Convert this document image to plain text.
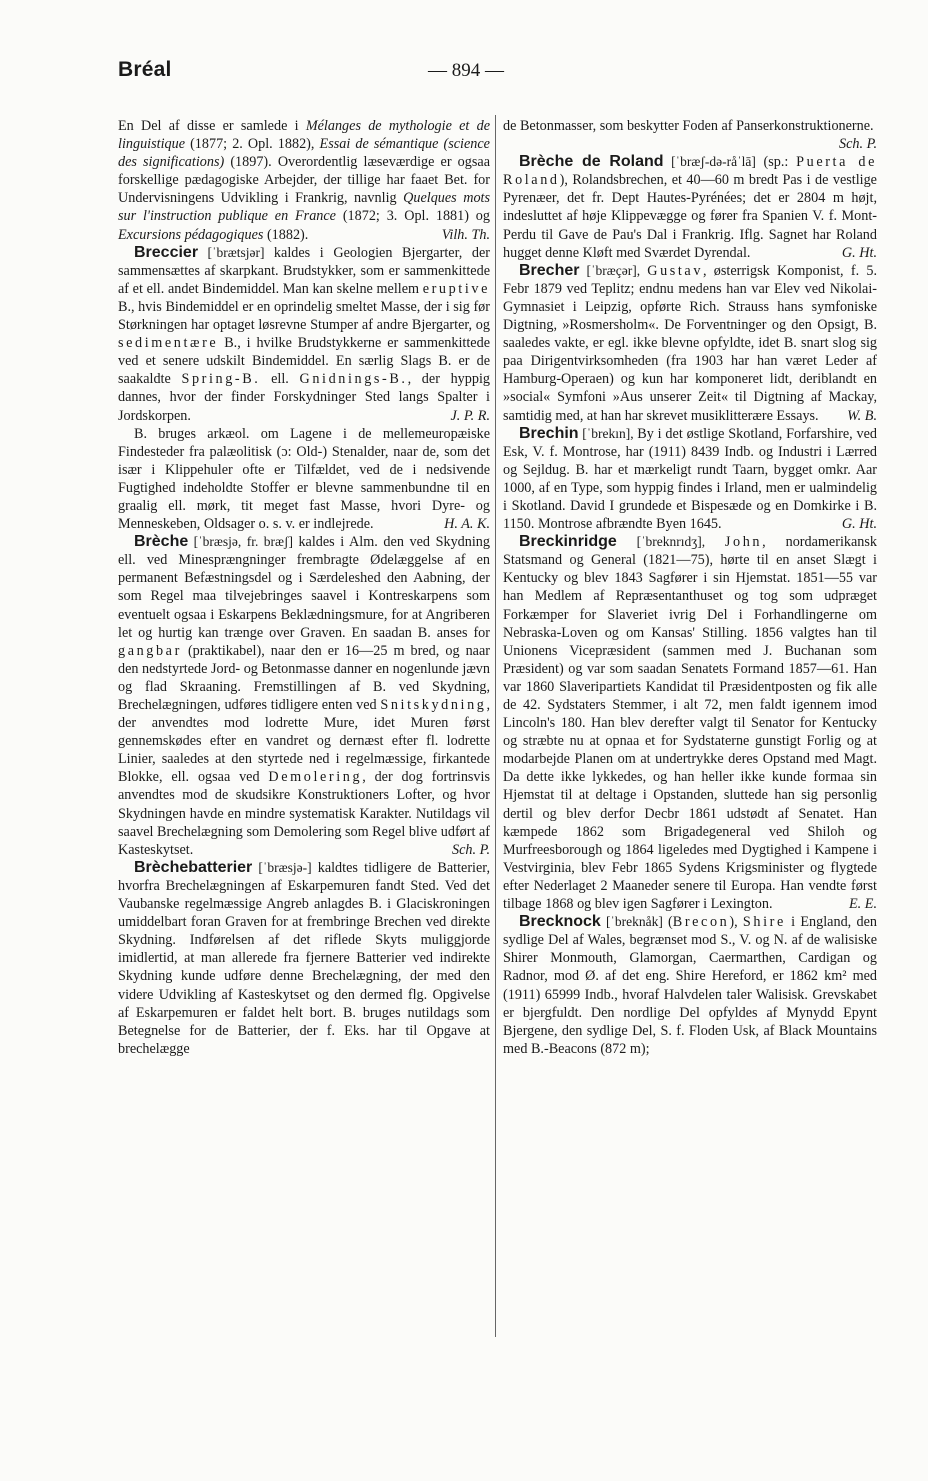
Bréal	— 894 —

En Del af disse er samlede i Mélanges de mythologie et de linguistique (1877; 2. Opl. 1882), Essai de sémantique (science des significations) (1897). Overordentlig læseværdige er ogsaa forskellige pædagogiske Arbejder, der tillige har faaet Bet. for Undervisningens Udvikling i Frankrig, navnlig Quelques mots sur l'instruction publique en France (1872; 3. Opl. 1881) og Excursions pédagogiques (1882).	Vilh. Th.

Breccier [ˈbrætsjər] kaldes i Geologien Bjergarter, der sammensættes af skarpkant. Brudstykker, som er sammenkittede af et ell. andet Bindemiddel. Man kan skelne mellem eruptive B., hvis Bindemiddel er en oprindelig smeltet Masse, der i sig før Størkningen har optaget løsrevne Stumper af andre Bjergarter, og sedimentære B., i hvilke Brudstykkerne er sammenkittede ved et senere udskilt Bindemiddel. En særlig Slags B. er de saakaldte Spring-B. ell. Gnidnings-B., der hyppig dannes, hvor der finder Forskydninger Sted langs Spalter i Jordskorpen.	J. P. R.

B. bruges arkæol. om Lagene i de mellemeuropæiske Findesteder fra palæolitisk (ɔ: Old-) Stenalder, naar de, som det især i Klippehuler ofte er Tilfældet, ved de i nedsivende Fugtighed indeholdte Stoffer er blevne sammenbundne til en graalig ell. mørk, tit meget fast Masse, hvori Dyre- og Menneskeben, Oldsager o. s. v. er indlejrede.	H. A. K.

Brèche [ˈbræsjə, fr. bræʃ] kaldes i Alm. den ved Skydning ell. ved Minesprængninger frembragte Ødelæggelse af en permanent Befæstningsdel og i Særdeleshed den Aabning, der som Regel maa tilvejebringes saavel i Kontreskarpens som eventuelt ogsaa i Eskarpens Beklædningsmure, for at Angriberen let og hurtig kan trænge over Graven. En saadan B. anses for gangbar (praktikabel), naar den er 16—25 m bred, og naar den nedstyrtede Jord- og Betonmasse danner en nogenlunde jævn og flad Skraaning. Fremstillingen af B. ved Skydning, Brechelægningen, udføres tidligere enten ved Snitskydning, der anvendtes mod lodrette Mure, idet Muren først gennemskødes efter en vandret og dernæst efter fl. lodrette Linier, saaledes at den styrtede ned i regelmæssige, firkantede Blokke, ell. ogsaa ved Demolering, der dog fortrinsvis anvendtes mod de skudsikre Konstruktioners Lofter, og hvor Skydningen havde en mindre systematisk Karakter. Nutildags vil saavel Brechelægning som Demolering som Regel blive udført af Kasteskytset.	Sch. P.

Brèchebatterier [ˈbræsjə-] kaldtes tidligere de Batterier, hvorfra Brechelægningen af Eskarpemuren fandt Sted. Ved det Vaubanske regelmæssige Angreb anlagdes B. i Glaciskroningen umiddelbart foran Graven for at frembringe Brechen ved direkte Skydning. Indførelsen af det riflede Skyts muliggjorde imidlertid, at man allerede fra fjernere Batterier ved indirekte Skydning kunde udføre denne Brechelægning, der med den videre Udvikling af Kasteskytset og den dermed flg. Opgivelse af Eskarpemuren er faldet helt bort. B. bruges nutildags som Betegnelse for de Batterier, der f. Eks. har til Opgave at brechelægge

de Betonmasser, som beskytter Foden af Panserkonstruktionerne.
Sch. P.

Brèche de Roland [ˈbræʃ-də-råˈlā] (sp.: Puerta de Roland), Rolandsbrechen, et 40—60 m bredt Pas i de vestlige Pyrenæer, det fr. Dept Hautes-Pyrénées; det er 2804 m højt, indesluttet af høje Klippevægge og fører fra Spanien V. f. Mont-Perdu til Gave de Pau's Dal i Frankrig. Iflg. Sagnet har Roland hugget denne Kløft med Sværdet Dyrendal.	G. Ht.

Brecher [ˈbræçər], Gustav, østerrigsk Komponist, f. 5. Febr 1879 ved Teplitz; endnu medens han var Elev ved Nikolai-Gymnasiet i Leipzig, opførte Rich. Strauss hans symfoniske Digtning, »Rosmersholm«. De Forventninger og den Opsigt, B. saaledes vakte, er egl. ikke blevne opfyldte, idet B. snart slog sig paa Dirigentvirksomheden (fra 1903 har han været Leder af Hamburg-Operaen) og kun har komponeret lidt, deriblandt en »social« Symfoni »Aus unserer Zeit« til Digtning af Mackay, samtidig med, at han har skrevet musiklitterære Essays.	W. B.

Brechin [ˈbrekın], By i det østlige Skotland, Forfarshire, ved Esk, V. f. Montrose, har (1911) 8439 Indb. og Industri i Lærred og Sejldug. B. har et mærkeligt rundt Taarn, bygget omkr. Aar 1000, af en Type, som hyppig findes i Irland, men er ualmindelig i Skotland. David I grundede et Bispesæde og en Domkirke i B. 1150. Montrose afbrændte Byen 1645.	G. Ht.

Breckinridge [ˈbreknrıdʒ], John, nordamerikansk Statsmand og General (1821—75), hørte til en anset Slægt i Kentucky og blev 1843 Sagfører i sin Hjemstat. 1851—55 var han Medlem af Repræsentanthuset og tog som udpræget Forkæmper for Slaveriet ivrig Del i Forhandlingerne om Nebraska-Loven og om Kansas' Stilling. 1856 valgtes han til Unionens Vicepræsident (sammen med J. Buchanan som Præsident) og var som saadan Senatets Formand 1857—61. Han var 1860 Slaveripartiets Kandidat til Præsidentposten og fik alle de 42. Sydstaters Stemmer, i alt 72, men faldt igennem imod Lincoln's 180. Han blev derefter valgt til Senator for Kentucky og stræbte nu at opnaa et for Sydstaterne gunstigt Forlig og at modarbejde Planen om at undertrykke deres Opstand med Magt. Da dette ikke lykkedes, og han heller ikke kunde formaa sin Hjemstat til at deltage i Opstanden, sluttede han sig personlig dertil og blev derfor Decbr 1861 udstødt af Senatet. Han kæmpede 1862 som Brigadegeneral ved Shiloh og Murfreesborough og 1864 ligeledes med Dygtighed i Kampene i Vestvirginia, blev Febr 1865 Sydens Krigsminister og flygtede efter Nederlaget 2 Maaneder senere til Europa. Han vendte først tilbage 1868 og blev igen Sagfører i Lexington.	E. E.

Brecknock [ˈbreknåk] (Brecon), Shire i England, den sydlige Del af Wales, begrænset mod S., V. og N. af de walisiske Shirer Monmouth, Glamorgan, Caermarthen, Cardigan og Radnor, mod Ø. af det eng. Shire Hereford, er 1862 km² med (1911) 65999 Indb., hvoraf Halvdelen taler Walisisk. Grevskabet er bjergfuldt. Den nordlige Del opfyldes af Mynydd Epynt Bjergene, den sydlige Del, S. f. Floden Usk, af Black Mountains med B.-Beacons (872 m);
